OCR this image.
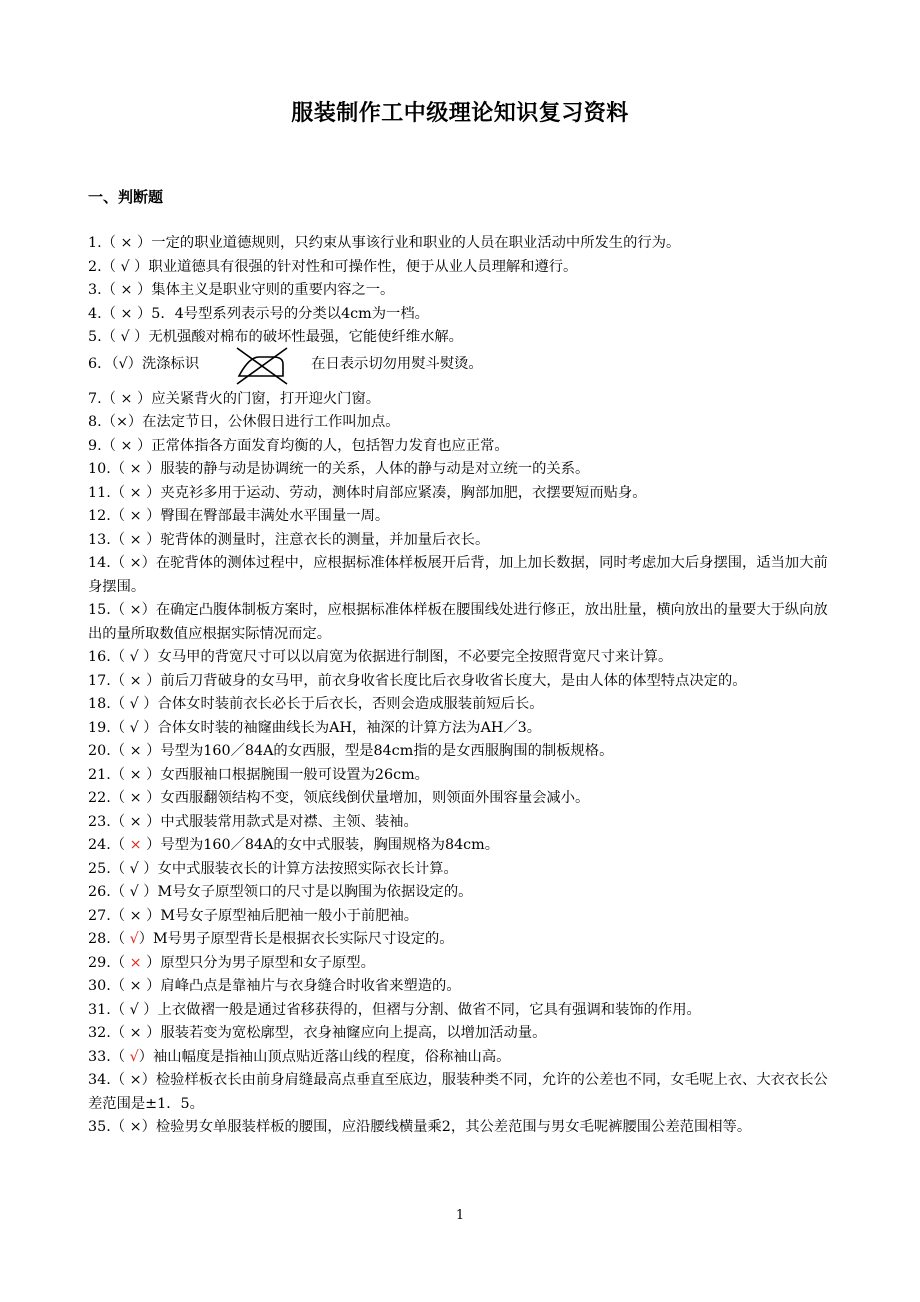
服装制作工中级理论知识复习资料
一、判断题
1.（ × ）一定的职业道德规则，只约束从事该行业和职业的人员在职业活动中所发生的行为。
2.（ √ ）职业道德具有很强的针对性和可操作性，便于从业人员理解和遵行。
3.（ × ）集体主义是职业守则的重要内容之一。
4.（ × ）5．4号型系列表示号的分类以4cm为一档。
5.（ √ ）无机强酸对棉布的破坏性最强，它能使纤维水解。
6．（ √ ）洗涤标识	在日表示切勿用熨斗熨烫。
7.（ × ）应关紧背火的门窗，打开迎火门窗。
8.（×）在法定节日，公休假日进行工作叫加点。
9.（ × ）正常体指各方面发育均衡的人，包括智力发育也应正常。
10.（ × ）服装的静与动是协调统一的关系，人体的静与动是对立统一的关系。
11.（ × ）夹克衫多用于运动、劳动，测体时肩部应紧凑，胸部加肥，衣摆要短而贴身。
12.（ × ）臀围在臀部最丰满处水平围量一周。
13.（ × ）驼背体的测量时，注意衣长的测量，并加量后衣长。
14.（ ×）在驼背体的测体过程中，应根据标准体样板展开后背，加上加长数据，同时考虑加大后身摆围，适当加大前身摆围。
15.（ ×）在确定凸腹体制板方案时，应根据标准体样板在腰围线处进行修正，放出肚量，横向放出的量要大于纵向放出的量所取数值应根据实际情况而定。
16.（ √ ）女马甲的背宽尺寸可以以肩宽为依据进行制图，不必要完全按照背宽尺寸来计算。
17.（ × ）前后刀背破身的女马甲，前衣身收省长度比后衣身收省长度大，是由人体的体型特点决定的。
18.（ √ ）合体女时装前衣长必长于后衣长，否则会造成服装前短后长。
19.（ √ ）合体女时装的袖窿曲线长为AH，袖深的计算方法为AH／3。
20.（ × ）号型为160／84A的女西服，型是84cm指的是女西服胸围的制板规格。
21.（ × ）女西服袖口根据腕围一般可设置为26cm。
22.（ × ）女西服翻领结构不变，领底线倒伏量增加，则领面外围容量会减小。
23.（ × ）中式服装常用款式是对襟、主领、装袖。
24.（ × ）号型为160／84A的女中式服装，胸围规格为84cm。
25.（ √ ）女中式服装衣长的计算方法按照实际衣长计算。
26.（ √ ）M号女子原型领口的尺寸是以胸围为依据设定的。
27.（ × ）M号女子原型袖后肥袖一般小于前肥袖。
28.（ √）M号男子原型背长是根据衣长实际尺寸设定的。
29.（ × ）原型只分为男子原型和女子原型。
30.（ × ）肩峰凸点是靠袖片与衣身缝合时收省来塑造的。
31.（ √ ）上衣做褶一般是通过省移获得的，但褶与分割、做省不同，它具有强调和装饰的作用。
32.（ × ）服装若变为宽松廓型，衣身袖窿应向上提高，以增加活动量。
33.（ √）袖山幅度是指袖山顶点贴近落山线的程度，俗称袖山高。
34.（ ×）检验样板衣长由前身肩缝最高点垂直至底边，服装种类不同，允许的公差也不同，女毛呢上衣、大衣衣长公差范围是±1．5。
35.（ ×）检验男女单服装样板的腰围，应沿腰线横量乘2，其公差范围与男女毛呢裤腰围公差范围相等。
1
